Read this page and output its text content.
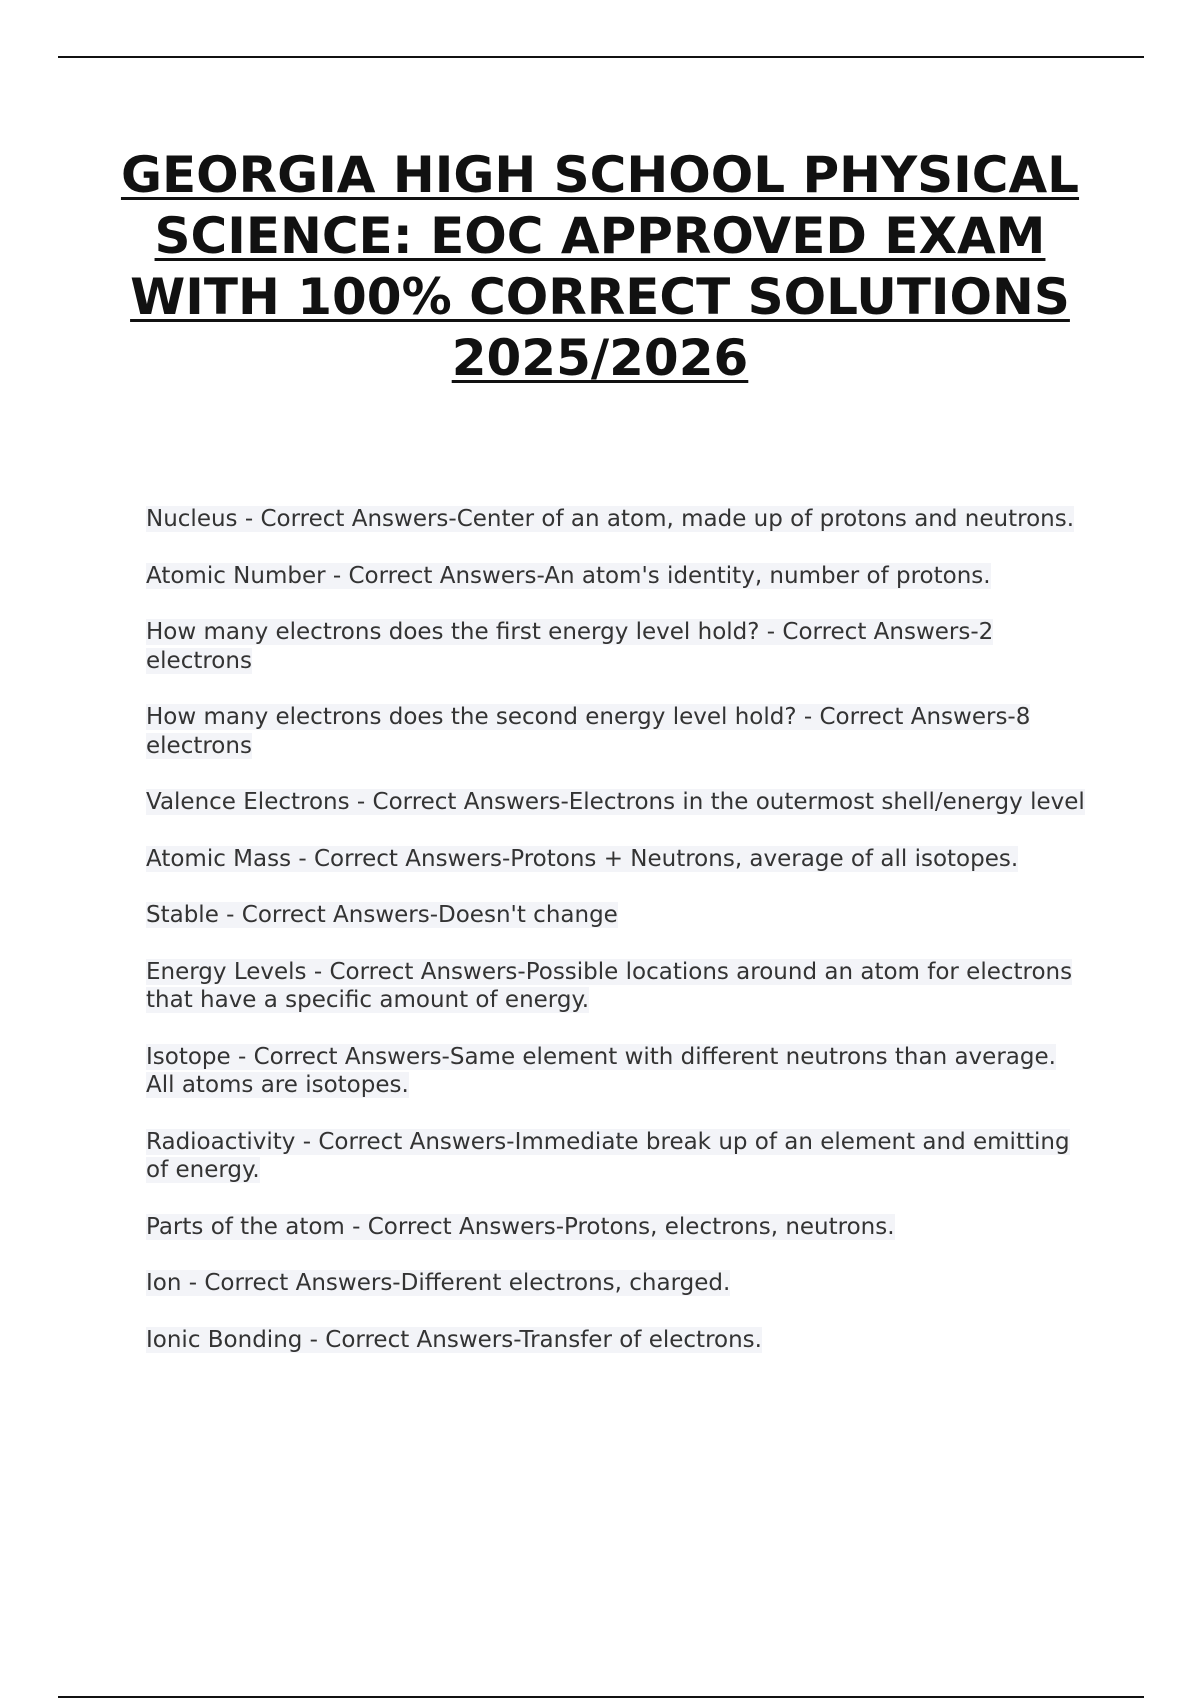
GEORGIA HIGH SCHOOL PHYSICAL SCIENCE: EOC APPROVED EXAM WITH 100% CORRECT SOLUTIONS 2025/2026
Nucleus - Correct Answers-Center of an atom, made up of protons and neutrons.
Atomic Number - Correct Answers-An atom's identity, number of protons.
How many electrons does the first energy level hold? - Correct Answers-2 electrons
How many electrons does the second energy level hold? - Correct Answers-8 electrons
Valence Electrons - Correct Answers-Electrons in the outermost shell/energy level
Atomic Mass - Correct Answers-Protons + Neutrons, average of all isotopes.
Stable - Correct Answers-Doesn't change
Energy Levels - Correct Answers-Possible locations around an atom for electrons that have a specific amount of energy.
Isotope - Correct Answers-Same element with different neutrons than average. All atoms are isotopes.
Radioactivity - Correct Answers-Immediate break up of an element and emitting of energy.
Parts of the atom - Correct Answers-Protons, electrons, neutrons.
Ion - Correct Answers-Different electrons, charged.
Ionic Bonding - Correct Answers-Transfer of electrons.
